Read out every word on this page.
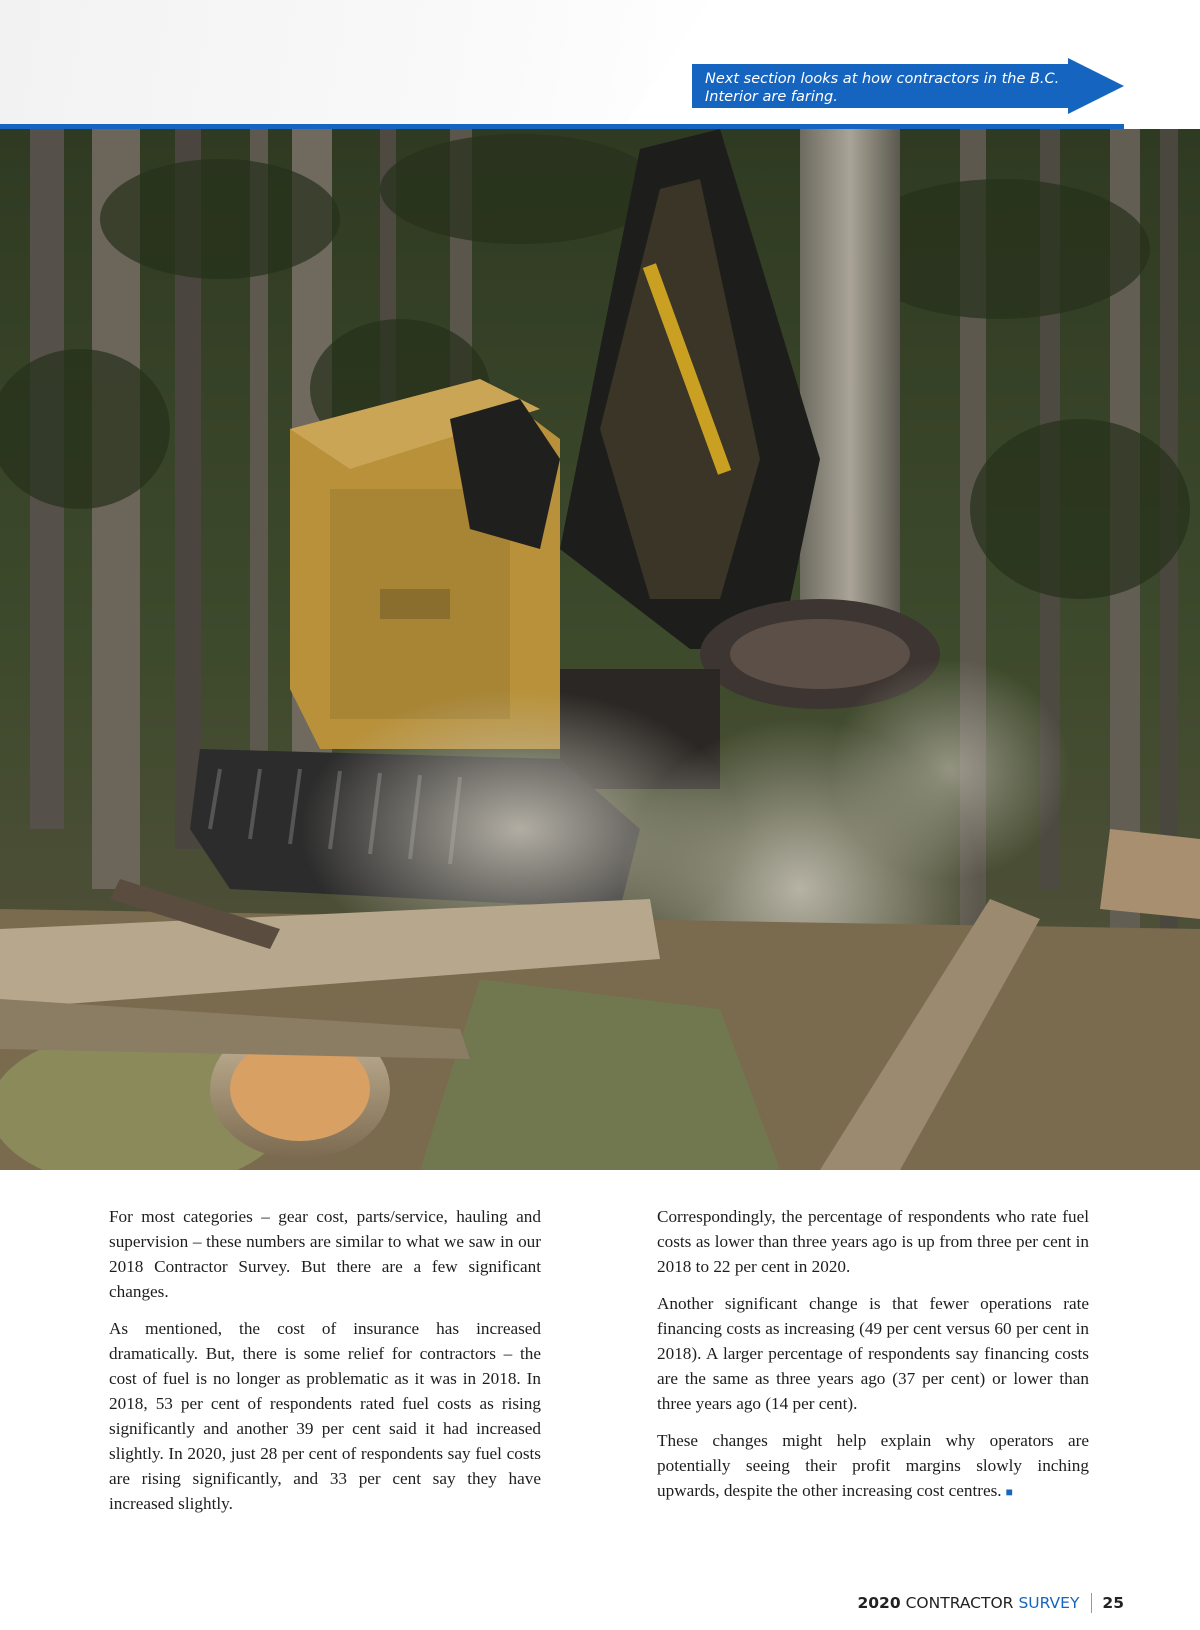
Next section looks at how contractors in the B.C. Interior are faring.

For most categories – gear cost, parts/service, hauling and supervision – these numbers are similar to what we saw in our 2018 Contractor Survey. But there are a few significant changes.

As mentioned, the cost of insurance has increased dramatically. But, there is some relief for contractors – the cost of fuel is no longer as problematic as it was in 2018. In 2018, 53 per cent of respondents rated fuel costs as rising significantly and another 39 per cent said it had increased slightly. In 2020, just 28 per cent of respondents say fuel costs are rising significantly, and 33 per cent say they have increased slightly.

Correspondingly, the percentage of respondents who rate fuel costs as lower than three years ago is up from three per cent in 2018 to 22 per cent in 2020.

Another significant change is that fewer operations rate financing costs as increasing (49 per cent versus 60 per cent in 2018). A larger percentage of respondents say financing costs are the same as three years ago (37 per cent) or lower than three years ago (14 per cent).

These changes might help explain why operators are potentially seeing their profit margins slowly inching upwards, despite the other increasing cost centres. ■

2020 CONTRACTOR SURVEY 25
